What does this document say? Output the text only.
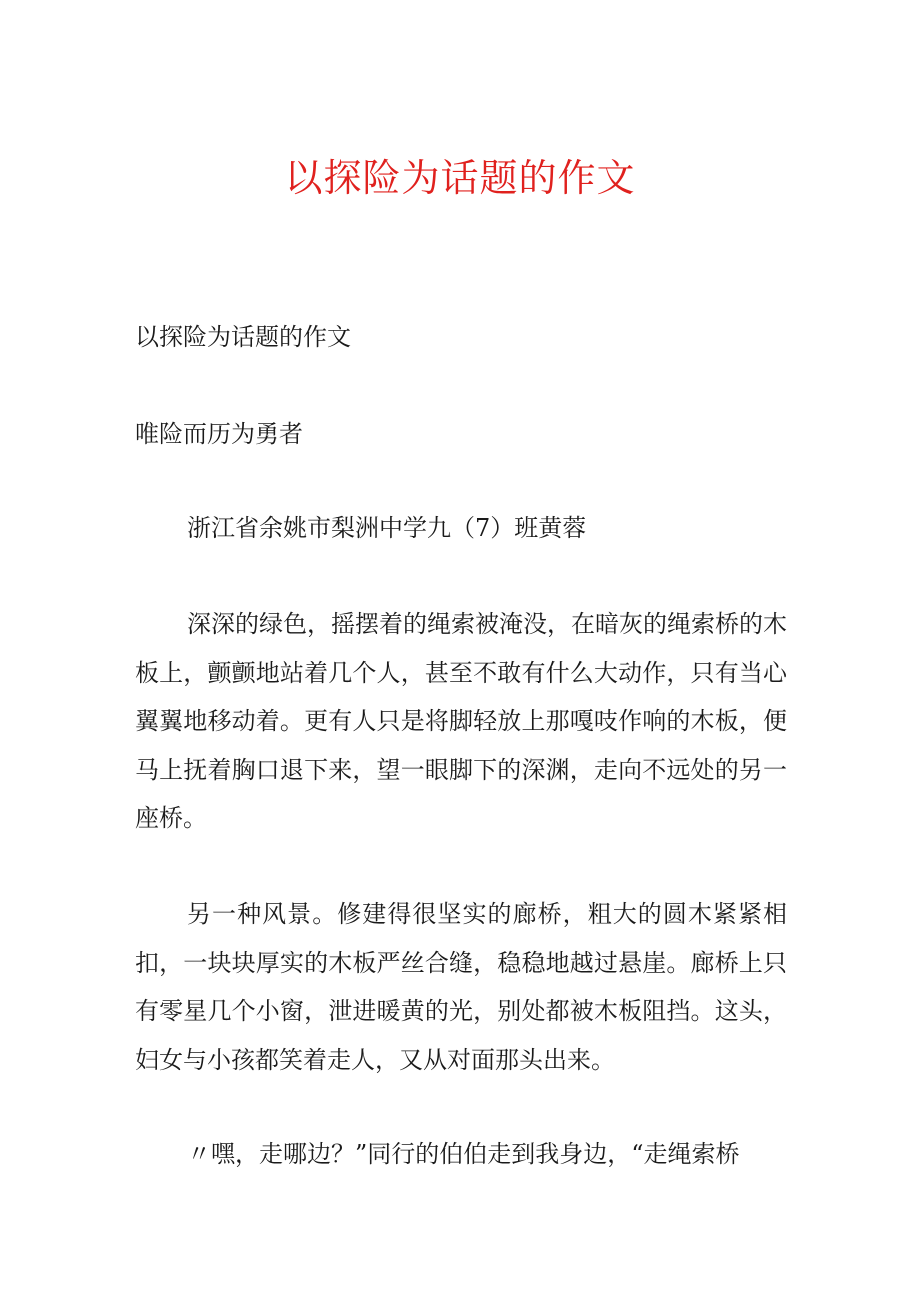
以探险为话题的作文
以探险为话题的作文
唯险而历为勇者
浙江省余姚市梨洲中学九（7）班黄蓉
深深的绿色，摇摆着的绳索被淹没，在暗灰的绳索桥的木板上，颤颤地站着几个人，甚至不敢有什么大动作，只有当心翼翼地移动着。更有人只是将脚轻放上那嘎吱作响的木板，便马上抚着胸口退下来，望一眼脚下的深渊，走向不远处的另一座桥。
另一种风景。修建得很坚实的廊桥，粗大的圆木紧紧相扣，一块块厚实的木板严丝合缝，稳稳地越过悬崖。廊桥上只有零星几个小窗，泄进暖黄的光，别处都被木板阻挡。这头，妇女与小孩都笑着走人，又从对面那头出来。
〃嘿，走哪边？”同行的伯伯走到我身边，“走绳索桥
